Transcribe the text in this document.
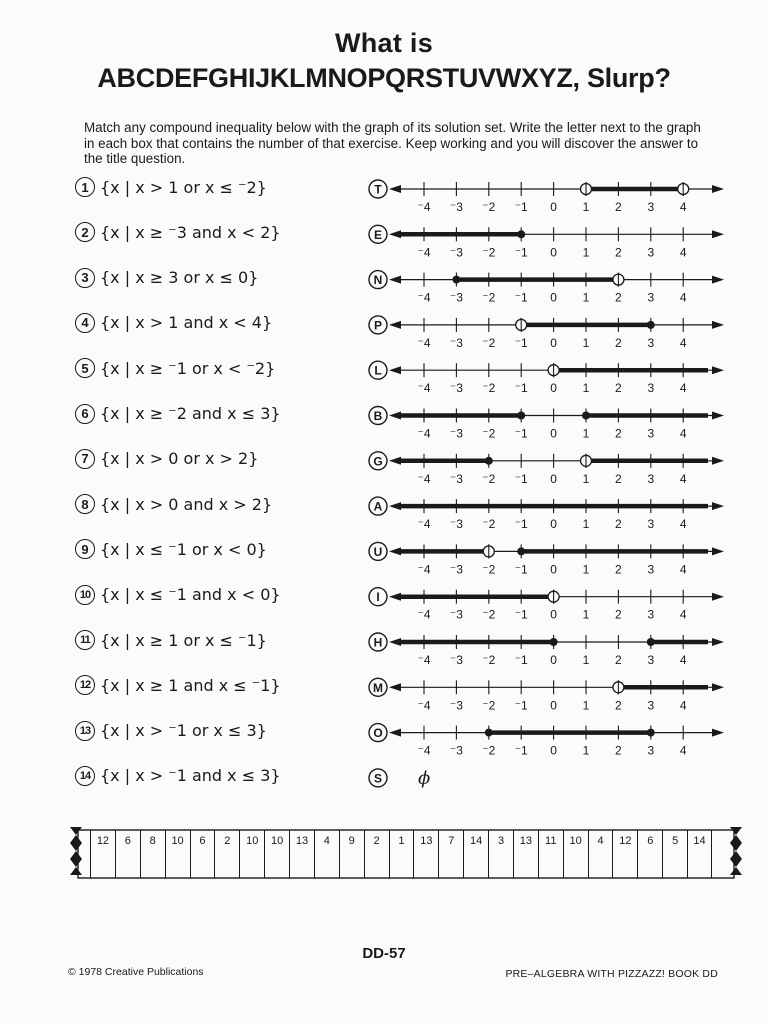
What is
ABCDEFGHIJKLMNOPQRSTUVWXYZ, Slurp?
Match any compound inequality below with the graph of its solution set. Write the letter next to the graph in each box that contains the number of that exercise. Keep working and you will discover the answer to the title question.
1 {x | x > 1 or x ≤ ⁻2}
2 {x | x ≥ ⁻3 and x < 2}
3 {x | x ≥ 3 or x ≤ 0}
4 {x | x > 1 and x < 4}
5 {x | x ≥ ⁻1 or x < ⁻2}
6 {x | x ≥ ⁻2 and x ≤ 3}
7 {x | x > 0 or x > 2}
8 {x | x > 0 and x > 2}
9 {x | x ≤ ⁻1 or x < 0}
10 {x | x ≤ ⁻1 and x < 0}
11 {x | x ≥ 1 or x ≤ ⁻1}
12 {x | x ≥ 1 and x ≤ ⁻1}
13 {x | x > ⁻1 or x ≤ 3}
14 {x | x > ⁻1 and x ≤ 3}
T
⁻4 ⁻3 ⁻2 ⁻1 0 1 2 3 4
E
⁻4 ⁻3 ⁻2 ⁻1 0 1 2 3 4
N
⁻4 ⁻3 ⁻2 ⁻1 0 1 2 3 4
P
⁻4 ⁻3 ⁻2 ⁻1 0 1 2 3 4
L
⁻4 ⁻3 ⁻2 ⁻1 0 1 2 3 4
B
⁻4 ⁻3 ⁻2 ⁻1 0 1 2 3 4
G
⁻4 ⁻3 ⁻2 ⁻1 0 1 2 3 4
A
⁻4 ⁻3 ⁻2 ⁻1 0 1 2 3 4
U
⁻4 ⁻3 ⁻2 ⁻1 0 1 2 3 4
I
⁻4 ⁻3 ⁻2 ⁻1 0 1 2 3 4
H
⁻4 ⁻3 ⁻2 ⁻1 0 1 2 3 4
M
⁻4 ⁻3 ⁻2 ⁻1 0 1 2 3 4
O
⁻4 ⁻3 ⁻2 ⁻1 0 1 2 3 4
S ϕ
12	6	8	10	6	2	10	10	13	4	9	2	1	13	7	14	3	13	11	10	4	12	6	5	14
DD-57
© 1978 Creative Publications	PRE–ALGEBRA WITH PIZZAZZ! BOOK DD
